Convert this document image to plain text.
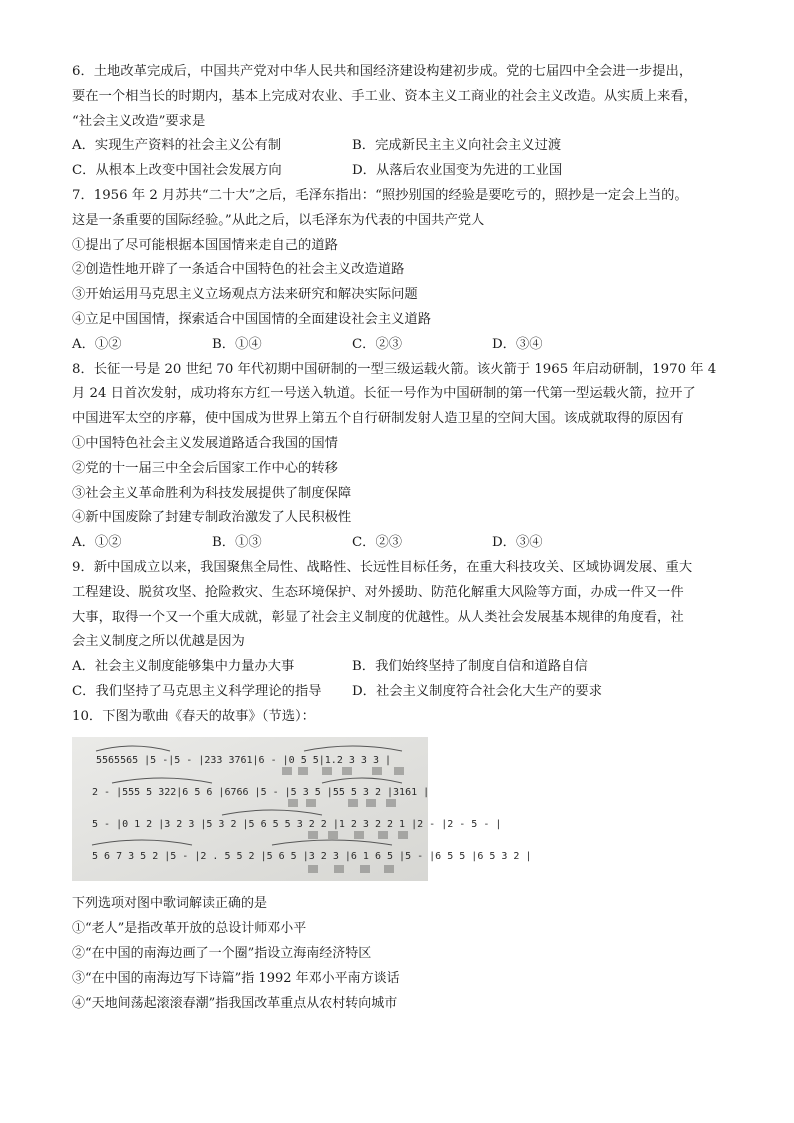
6．土地改革完成后，中国共产党对中华人民共和国经济建设构建初步成。党的七届四中全会进一步提出，
要在一个相当长的时期内，基本上完成对农业、手工业、资本主义工商业的社会主义改造。从实质上来看，
“社会主义改造”要求是
A．实现生产资料的社会主义公有制	B．完成新民主主义向社会主义过渡
C．从根本上改变中国社会发展方向	D．从落后农业国变为先进的工业国
7．1956 年 2 月苏共“二十大”之后，毛泽东指出：“照抄别国的经验是要吃亏的，照抄是一定会上当的。
这是一条重要的国际经验。”从此之后，以毛泽东为代表的中国共产党人
①提出了尽可能根据本国国情来走自己的道路
②创造性地开辟了一条适合中国特色的社会主义改造道路
③开始运用马克思主义立场观点方法来研究和解决实际问题
④立足中国国情，探索适合中国国情的全面建设社会主义道路
A．①②	B．①④	C．②③	D．③④
8．长征一号是 20 世纪 70 年代初期中国研制的一型三级运载火箭。该火箭于 1965 年启动研制，1970 年 4
月 24 日首次发射，成功将东方红一号送入轨道。长征一号作为中国研制的第一代第一型运载火箭，拉开了
中国进军太空的序幕，使中国成为世界上第五个自行研制发射人造卫星的空间大国。该成就取得的原因有
①中国特色社会主义发展道路适合我国的国情
②党的十一届三中全会后国家工作中心的转移
③社会主义革命胜利为科技发展提供了制度保障
④新中国废除了封建专制政治激发了人民积极性
A．①②	B．①③	C．②③	D．③④
9．新中国成立以来，我国聚焦全局性、战略性、长远性目标任务，在重大科技攻关、区域协调发展、重大
工程建设、脱贫攻坚、抢险救灾、生态环境保护、对外援助、防范化解重大风险等方面，办成一件又一件
大事，取得一个又一个重大成就，彰显了社会主义制度的优越性。从人类社会发展基本规律的角度看，社
会主义制度之所以优越是因为
A．社会主义制度能够集中力量办大事	B．我们始终坚持了制度自信和道路自信
C．我们坚持了马克思主义科学理论的指导	D．社会主义制度符合社会化大生产的要求
10．下图为歌曲《春天的故事》（节选）：
5565565 |5 -|5 - |233 3761|6 - |0 5 5|1.2 3 3 3 |
2 - |555 5 322|6 5 6 |6766 |5 - |5 3 5 |55 5 3 2 |3161 |
5 - |0 1 2 |3 2 3 |5 3 2 |5 6 5 5 3 2 2 |1 2 3 2 2 1 |2 - |2 - 5 - |
5 6 7 3 5 2 |5 - |2 . 5 5 2 |5 6 5 |3 2 3 |6 1 6 5 |5 - |6 5 5 |6 5 3 2 |
下列选项对图中歌词解读正确的是
①“老人”是指改革开放的总设计师邓小平
②“在中国的南海边画了一个圈”指设立海南经济特区
③“在中国的南海边写下诗篇”指 1992 年邓小平南方谈话
④“天地间荡起滚滚春潮”指我国改革重点从农村转向城市
